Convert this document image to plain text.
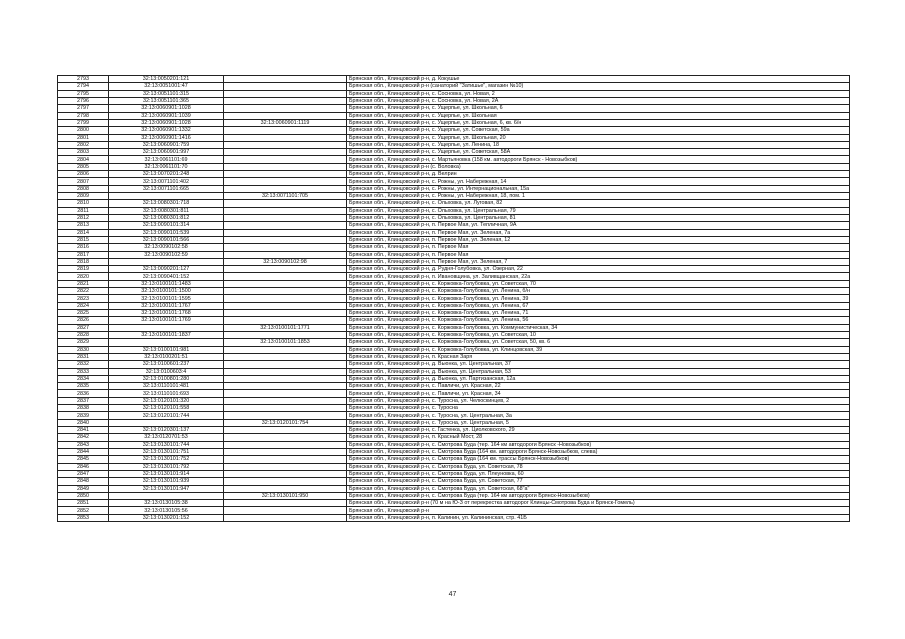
2793	32:13:0050201:121		Брянская обл., Клинцовский р-н, д. Кокушье
2794	32:13:0051001:47		Брянская обл., Клинцовский р-н (санаторий "Затишье", магазин №10)
2795	32:13:0051101:315		Брянская обл., Клинцовский р-н, с. Сосновка, ул. Новая, 2
2796	32:13:0051101:365		Брянская обл., Клинцовский р-н, с. Сосновка, ул. Новая, 2А
2797	32:13:0060901:1028		Брянская обл., Клинцовский р-н, с. Ущерпье, ул. Школьная, 6
2798	32:13:0060901:1039		Брянская обл., Клинцовский р-н, с. Ущерпье, ул. Школьная
2799	32:13:0060901:1028	32:13:0060901:1119	Брянская обл., Клинцовский р-н, с. Ущерпье, ул. Школьная, 6, кв. 6/н
2800	32:13:0060901:1332		Брянская обл., Клинцовский р-н, с. Ущерпье, ул. Советская, 59а
2801	32:13:0060901:1416		Брянская обл., Клинцовский р-н, с. Ущерпье, ул. Школьная, 20
2802	32:13:0060901:759		Брянская обл., Клинцовский р-н, с. Ущерпье, ул. Ленина, 18
2803	32:13:0060901:997		Брянская обл., Клинцовский р-н, с. Ущерпье, ул. Советская, 58А
2804	32:13:0061101:69		Брянская обл., Клинцовский р-н, с. Мартьяновка (158 км. автодороги Брянск - Новозыбков)
2805	32:13:0061101:70		Брянская обл., Клинцовский р-н (с. Воловка)
2806	32:13:0070201:248		Брянская обл., Клинцовский р-н, д. Велрин
2807	32:13:0071101:402		Брянская обл., Клинцовский р-н, с. Рожны, ул. Набережная, 14
2808	32:13:0071101:665		Брянская обл., Клинцовский р-н, с. Рожны, ул. Интернациональная, 15а
2809		32:13:0071101:705	Брянская обл., Клинцовский р-н, с. Рожны, ул. Набережная, 18, пом. 1
2810	32:13:0080301:718		Брянская обл., Клинцовский р-н, с. Ольховка, ул. Луговая, 82
2811	32:13:0080301:811		Брянская обл., Клинцовский р-н, с. Ольховка, ул. Центральная, 79
2812	32:13:0080301:812		Брянская обл., Клинцовский р-н, с. Ольховка, ул. Центральная, 81
2813	32:13:0090101:314		Брянская обл., Клинцовский р-н, п. Первое Мая, ул. Тепличная, 9А
2814	32:13:0090101:539		Брянская обл., Клинцовский р-н, п. Первое Мая, ул. Зеленая, 7а
2815	32:13:0090101:566		Брянская обл., Клинцовский р-н, п. Первое Мая, ул. Зеленая, 12
2816	32:13:0090102:58		Брянская обл., Клинцовский р-н, п. Первое Мая
2817	32:13:0090102:59		Брянская обл., Клинцовский р-н, п. Первое Мая
2818		32:13:0090102:98	Брянская обл., Клинцовский р-н, п. Первое Мая, ул. Зеленая, 7
2819	32:13:0090201:127		Брянская обл., Клинцовский р-н, д. Рудня-Голубовка, ул. Озерная, 22
2820	32:13:0090401:152		Брянская обл., Клинцовский р-н, п. Ивановщина, ул. Заливщанская, 22а
2821	32:13:0100101:1483		Брянская обл., Клинцовский р-н, с. Коржовка-Голубовка, ул. Советская, 70
2822	32:13:0100101:1500		Брянская обл., Клинцовский р-н, с. Коржовка-Голубовка, ул. Ленина, б/н
2823	32:13:0100101:1595		Брянская обл., Клинцовский р-н, с. Коржовка-Голубовка, ул. Ленина, 39
2824	32:13:0100101:1767		Брянская обл., Клинцовский р-н, с. Коржовка-Голубовка, ул. Ленина, 67
2825	32:13:0100101:1768		Брянская обл., Клинцовский р-н, с. Коржовка-Голубовка, ул. Ленина, 71
2826	32:13:0100101:1769		Брянская обл., Клинцовский р-н, с. Коржовка-Голубовка, ул. Ленина, 56
2827		32:13:0100101:1771	Брянская обл., Клинцовский р-н, с. Коржовка-Голубовка, ул. Коммунистическая, 34
2828	32:13:0100101:1837		Брянская обл., Клинцовский р-н, с. Коржовка-Голубовка, ул. Советская, 10
2829		32:13:0100101:1853	Брянская обл., Клинцовский р-н, с. Коржовка-Голубовка, ул. Советская, 50, кв. 6
2830	32:13:0100101:981		Брянская обл., Клинцовский р-н, с. Коржовка-Голубовка, ул. Клинцовская, 39
2831	32:13:0100201:51		Брянская обл., Клинцовский р-н, п. Красная Заря
2832	32:13:0100601:237		Брянская обл., Клинцовский р-н, д. Вьюнка, ул. Центральная, 37
2833	32:13:0100603:4		Брянская обл., Клинцовский р-н, д. Вьюнка, ул. Центральная, 53
2834	32:13:0100801:280		Брянская обл., Клинцовский р-н, д. Вьюнка, ул. Партизанская, 12а
2835	32:13:0110101:481		Брянская обл., Клинцовский р-н, с. Павличи, ул. Красная, 22
2836	32:13:0110101:693		Брянская обл., Клинцовский р-н, с. Павличи, ул. Красная, 34
2837	32:13:0120101:320		Брянская обл., Клинцовский р-н, с. Туросна, ул. Челюскинцев, 2
2838	32:13:0120101:558		Брянская обл., Клинцовский р-н, с. Туросна
2839	32:13:0120101:744		Брянская обл., Клинцовский р-н, с. Туросна, ул. Центральная, 3а
2840		32:13:0120101:754	Брянская обл., Клинцовский р-н, с. Туросна, ул. Центральная, 5
2841	32:13:0120301:137		Брянская обл., Клинцовский р-н, с. Гастенка, ул. Циолковского, 29
2842	32:13:0120701:53		Брянская обл., Клинцовский р-н, п. Красный Мост, 28
2843	32:13:0130101:744		Брянская обл., Клинцовский р-н, с. Смотрова Буда (тер. 164 км автодороги Брянск -Новозыбков)
2844	32:13:0130101:751		Брянская обл., Клинцовский р-н, с. Смотрова Буда (164 км. автодороги Брянск-Новозыбков, слева)
2845	32:13:0130101:752		Брянская обл., Клинцовский р-н, с. Смотрова Буда (164 км. трассы Брянск-Новозыбков)
2846	32:13:0130101:792		Брянская обл., Клинцовский р-н, с. Смотрова Буда, ул. Советская, 78
2847	32:13:0130101:914		Брянская обл., Клинцовский р-н, с. Смотрова Буда, ул. Плеуновка, 60
2848	32:13:0130101:939		Брянская обл., Клинцовский р-н, с. Смотрова Буда, ул. Советская, 77
2849	32:13:0130101:947		Брянская обл., Клинцовский р-н, с. Смотрова Буда, ул. Советская, 68"а"
2850		32:13:0130101:950	Брянская обл., Клинцовский р-н, с. Смотрова Буда (тер. 164 км автодороги Брянск-Новозыбков)
2851	32:13:0130105:38		Брянская обл., Клинцовский р-н (70 м на Ю-З от перекрестка автодорог Клинцы-Смотрова Буда и Брянск-Гомель)
2852	32:13:0130105:56		Брянская обл., Клинцовский р-н
2853	32:13:0130201:152		Брянская обл., Клинцовский р-н, п. Калинин, ул. Калининская, стр. 41Б
47
